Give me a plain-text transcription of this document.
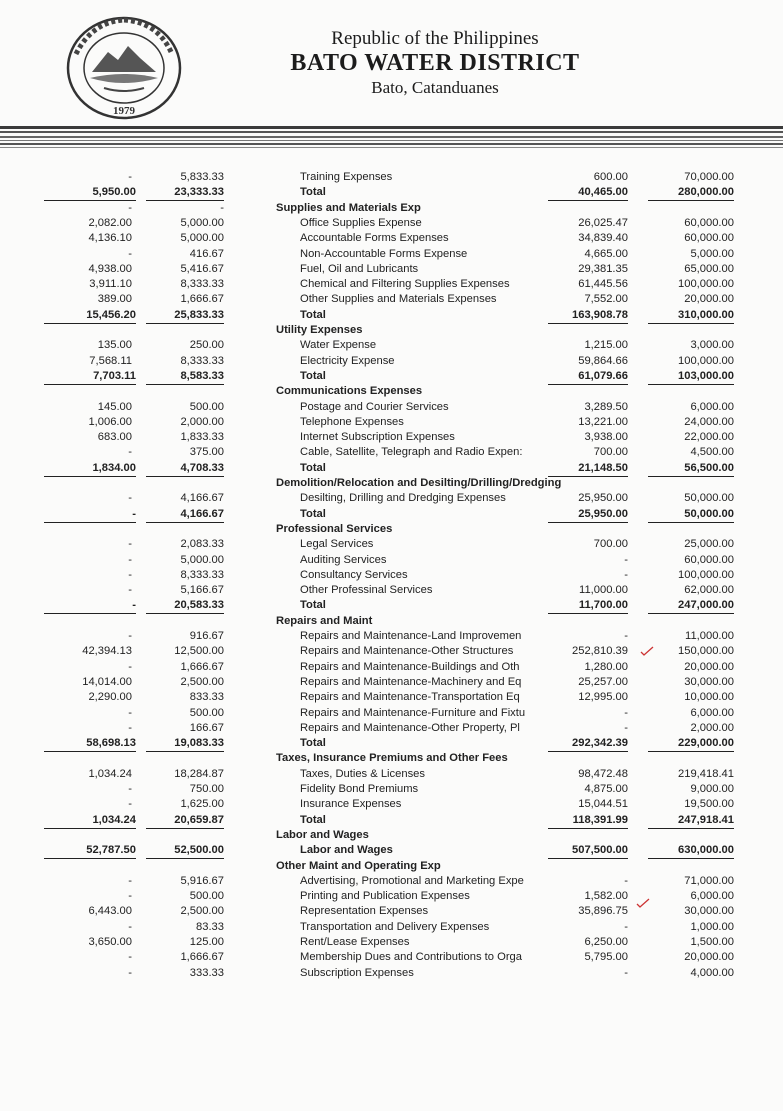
1979
Republic of the Philippines
BATO WATER DISTRICT
Bato, Catanduanes
-	5,833.33	Training Expenses	600.00	70,000.00
5,950.00	23,333.33	Total	40,465.00	280,000.00
-	-	Supplies and Materials Exp
2,082.00	5,000.00	Office Supplies Expense	26,025.47	60,000.00
4,136.10	5,000.00	Accountable Forms Expenses	34,839.40	60,000.00
-	416.67	Non-Accountable Forms Expense	4,665.00	5,000.00
4,938.00	5,416.67	Fuel, Oil and Lubricants	29,381.35	65,000.00
3,911.10	8,333.33	Chemical and Filtering Supplies Expenses	61,445.56	100,000.00
389.00	1,666.67	Other Supplies and Materials Expenses	7,552.00	20,000.00
15,456.20	25,833.33	Total	163,908.78	310,000.00
Utility Expenses
135.00	250.00	Water Expense	1,215.00	3,000.00
7,568.11	8,333.33	Electricity Expense	59,864.66	100,000.00
7,703.11	8,583.33	Total	61,079.66	103,000.00
Communications Expenses
145.00	500.00	Postage and Courier Services	3,289.50	6,000.00
1,006.00	2,000.00	Telephone Expenses	13,221.00	24,000.00
683.00	1,833.33	Internet Subscription Expenses	3,938.00	22,000.00
-	375.00	Cable, Satellite, Telegraph and Radio Expen:	700.00	4,500.00
1,834.00	4,708.33	Total	21,148.50	56,500.00
Demolition/Relocation and Desilting/Drilling/Dredging
-	4,166.67	Desilting, Drilling and Dredging Expenses	25,950.00	50,000.00
-	4,166.67	Total	25,950.00	50,000.00
Professional Services
-	2,083.33	Legal Services	700.00	25,000.00
-	5,000.00	Auditing Services	-	60,000.00
-	8,333.33	Consultancy Services	-	100,000.00
-	5,166.67	Other Professinal Services	11,000.00	62,000.00
-	20,583.33	Total	11,700.00	247,000.00
Repairs and Maint
-	916.67	Repairs and Maintenance-Land Improvemen	-	11,000.00
42,394.13	12,500.00	Repairs and Maintenance-Other Structures	252,810.39	150,000.00
-	1,666.67	Repairs and Maintenance-Buildings and Oth	1,280.00	20,000.00
14,014.00	2,500.00	Repairs and Maintenance-Machinery and Eq	25,257.00	30,000.00
2,290.00	833.33	Repairs and Maintenance-Transportation Eq	12,995.00	10,000.00
-	500.00	Repairs and Maintenance-Furniture and Fixtu	-	6,000.00
-	166.67	Repairs and Maintenance-Other Property, Pl	-	2,000.00
58,698.13	19,083.33	Total	292,342.39	229,000.00
Taxes, Insurance Premiums and Other Fees
1,034.24	18,284.87	Taxes, Duties & Licenses	98,472.48	219,418.41
-	750.00	Fidelity Bond Premiums	4,875.00	9,000.00
-	1,625.00	Insurance Expenses	15,044.51	19,500.00
1,034.24	20,659.87	Total	118,391.99	247,918.41
Labor and Wages
52,787.50	52,500.00	Labor and Wages	507,500.00	630,000.00
Other Maint and Operating Exp
-	5,916.67	Advertising, Promotional and Marketing Expe	-	71,000.00
-	500.00	Printing and Publication Expenses	1,582.00	6,000.00
6,443.00	2,500.00	Representation Expenses	35,896.75	30,000.00
-	83.33	Transportation and Delivery Expenses	-	1,000.00
3,650.00	125.00	Rent/Lease Expenses	6,250.00	1,500.00
-	1,666.67	Membership Dues and Contributions to Orga	5,795.00	20,000.00
-	333.33	Subscription Expenses	-	4,000.00
